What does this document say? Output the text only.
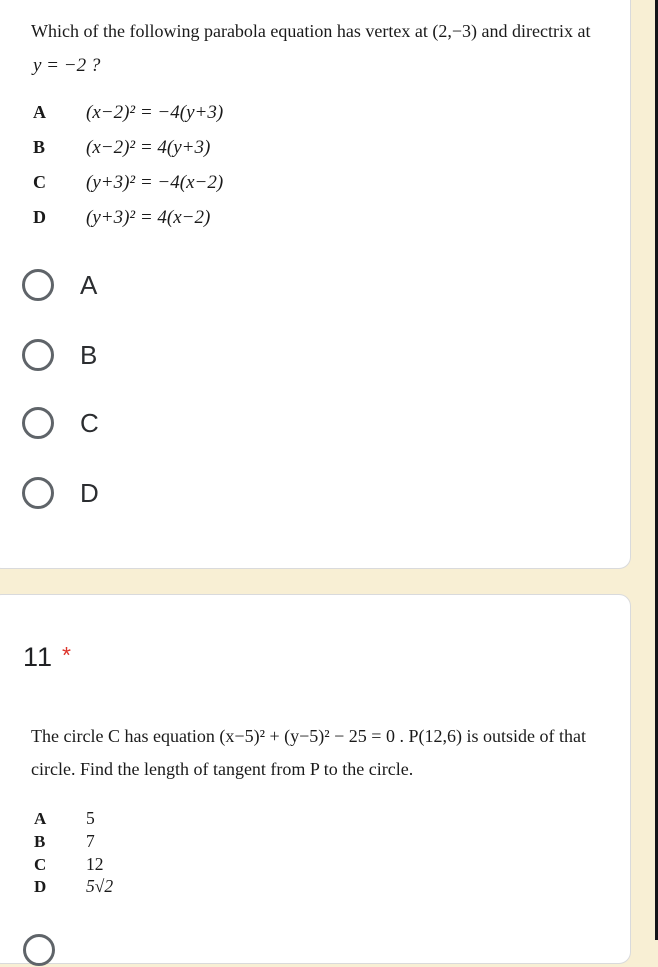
Which of the following parabola equation has vertex at (2,−3) and directrix at
y = −2 ?
A (x−2)² = −4(y+3)
B (x−2)² = 4(y+3)
C (y+3)² = −4(x−2)
D (y+3)² = 4(x−2)
A
B
C
D
11 *
The circle C has equation (x−5)² + (y−5)² − 25 = 0 . P(12,6) is outside of that
circle. Find the length of tangent from P to the circle.
A 5
B 7
C 12
D 5√2
